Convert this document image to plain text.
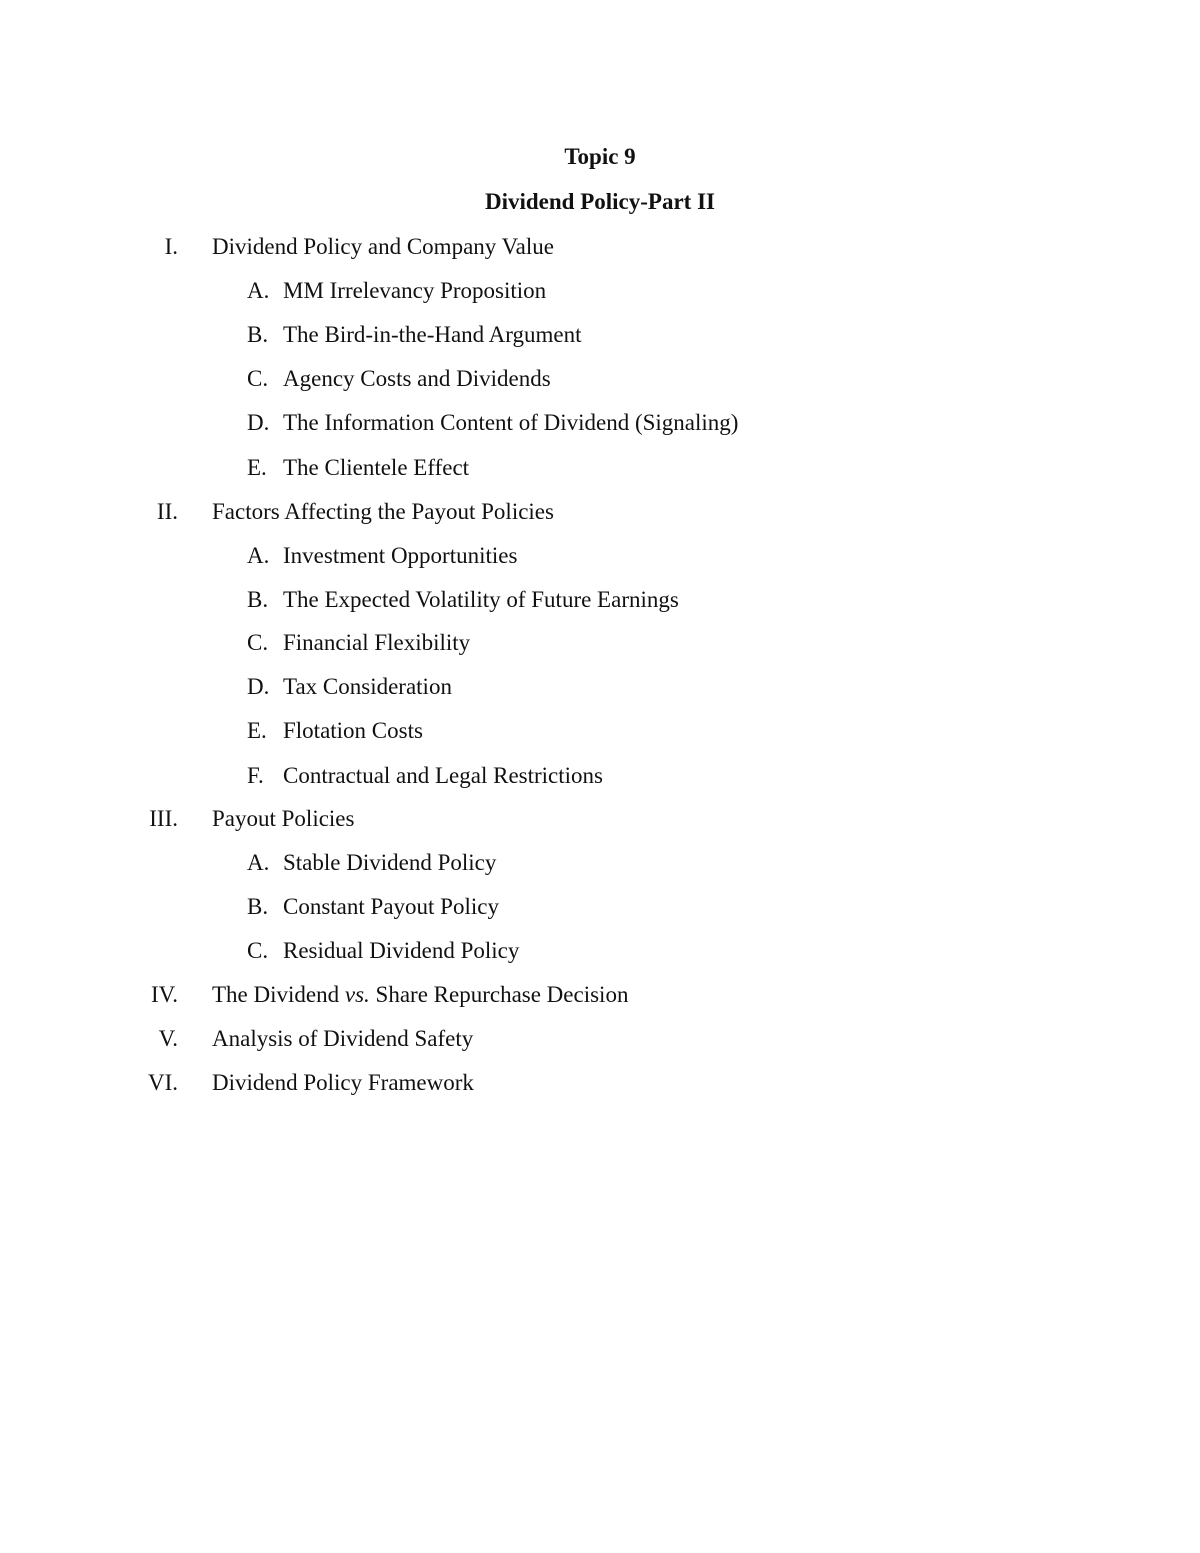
Topic 9
Dividend Policy-Part II
I. Dividend Policy and Company Value
A. MM Irrelevancy Proposition
B. The Bird-in-the-Hand Argument
C. Agency Costs and Dividends
D. The Information Content of Dividend (Signaling)
E. The Clientele Effect
II. Factors Affecting the Payout Policies
A. Investment Opportunities
B. The Expected Volatility of Future Earnings
C. Financial Flexibility
D. Tax Consideration
E. Flotation Costs
F. Contractual and Legal Restrictions
III. Payout Policies
A. Stable Dividend Policy
B. Constant Payout Policy
C. Residual Dividend Policy
IV. The Dividend vs. Share Repurchase Decision
V. Analysis of Dividend Safety
VI. Dividend Policy Framework
